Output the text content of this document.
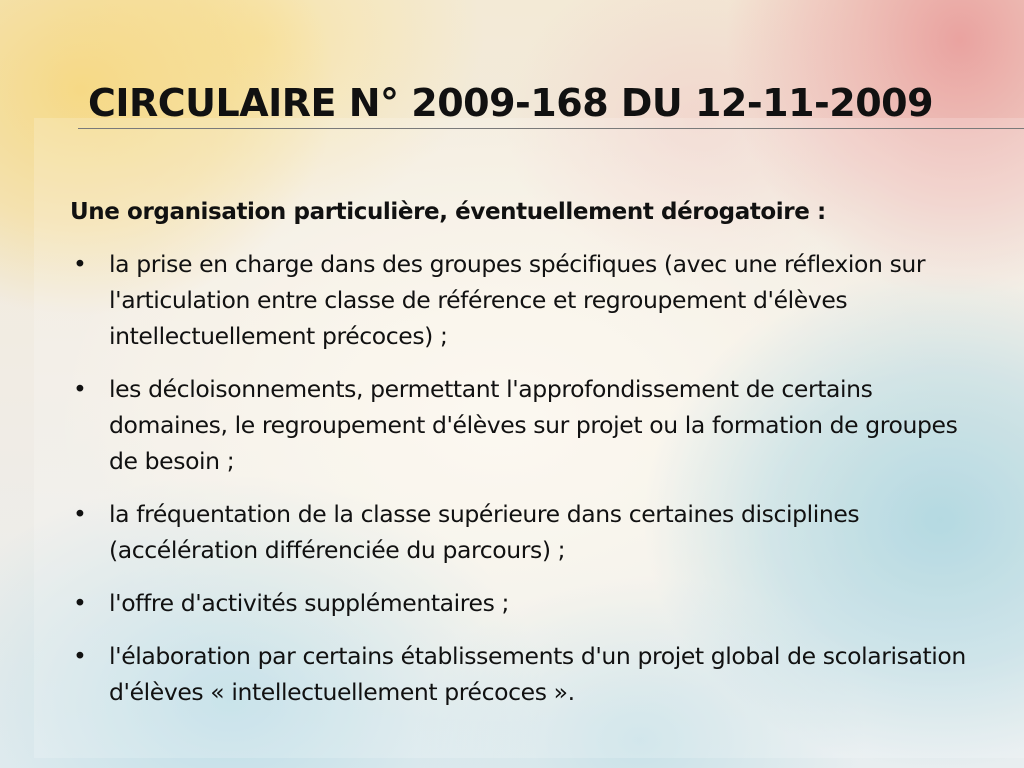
CIRCULAIRE N° 2009-168 DU 12-11-2009

Une organisation particulière, éventuellement dérogatoire :

• la prise en charge dans des groupes spécifiques (avec une réflexion sur l'articulation entre classe de référence et regroupement d'élèves intellectuellement précoces) ;
• les décloisonnements, permettant l'approfondissement de certains domaines, le regroupement d'élèves sur projet ou la formation de groupes de besoin ;
• la fréquentation de la classe supérieure dans certaines disciplines (accélération différenciée du parcours) ;
• l'offre d'activités supplémentaires ;
• l'élaboration par certains établissements d'un projet global de scolarisation d'élèves « intellectuellement précoces ».
